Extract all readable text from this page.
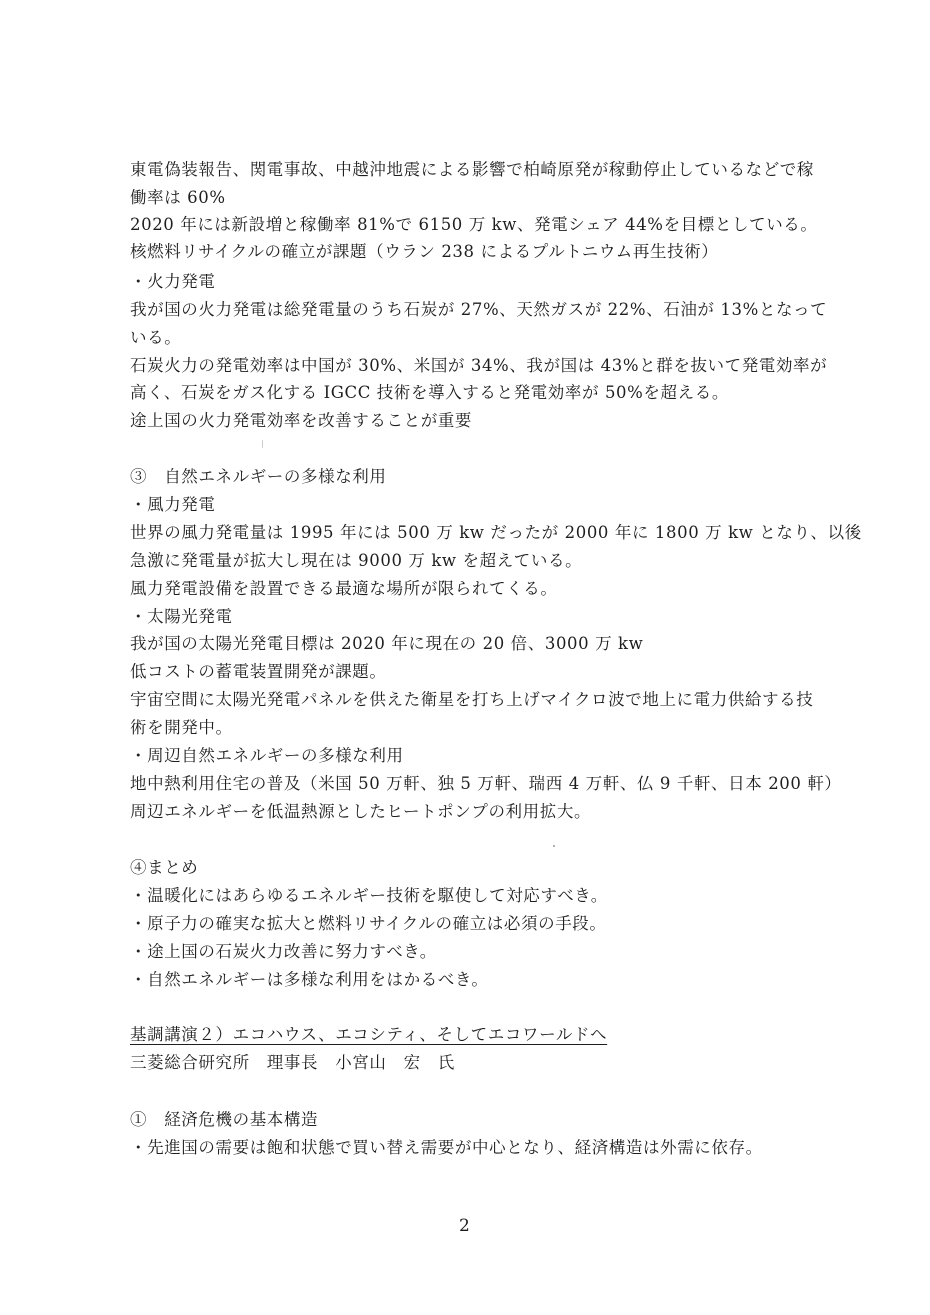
東電偽装報告、関電事故、中越沖地震による影響で柏崎原発が稼動停止しているなどで稼
働率は 60%
2020 年には新設増と稼働率 81%で 6150 万 kw、発電シェア 44%を目標としている。
核燃料リサイクルの確立が課題（ウラン 238 によるプルトニウム再生技術）
・火力発電
我が国の火力発電は総発電量のうち石炭が 27%、天然ガスが 22%、石油が 13%となって
いる。
石炭火力の発電効率は中国が 30%、米国が 34%、我が国は 43%と群を抜いて発電効率が
高く、石炭をガス化する IGCC 技術を導入すると発電効率が 50%を超える。
途上国の火力発電効率を改善することが重要
③　自然エネルギーの多様な利用
・風力発電
世界の風力発電量は 1995 年には 500 万 kw だったが 2000 年に 1800 万 kw となり、以後
急激に発電量が拡大し現在は 9000 万 kw を超えている。
風力発電設備を設置できる最適な場所が限られてくる。
・太陽光発電
我が国の太陽光発電目標は 2020 年に現在の 20 倍、3000 万 kw
低コストの蓄電装置開発が課題。
宇宙空間に太陽光発電パネルを供えた衛星を打ち上げマイクロ波で地上に電力供給する技
術を開発中。
・周辺自然エネルギーの多様な利用
地中熱利用住宅の普及（米国 50 万軒、独 5 万軒、瑞西 4 万軒、仏 9 千軒、日本 200 軒）
周辺エネルギーを低温熱源としたヒートポンプの利用拡大。
④まとめ
・温暖化にはあらゆるエネルギー技術を駆使して対応すべき。
・原子力の確実な拡大と燃料リサイクルの確立は必須の手段。
・途上国の石炭火力改善に努力すべき。
・自然エネルギーは多様な利用をはかるべき。
基調講演２）エコハウス、エコシティ、そしてエコワールドへ
三菱総合研究所　理事長　小宮山　宏　氏
①　経済危機の基本構造
・先進国の需要は飽和状態で買い替え需要が中心となり、経済構造は外需に依存。
2
